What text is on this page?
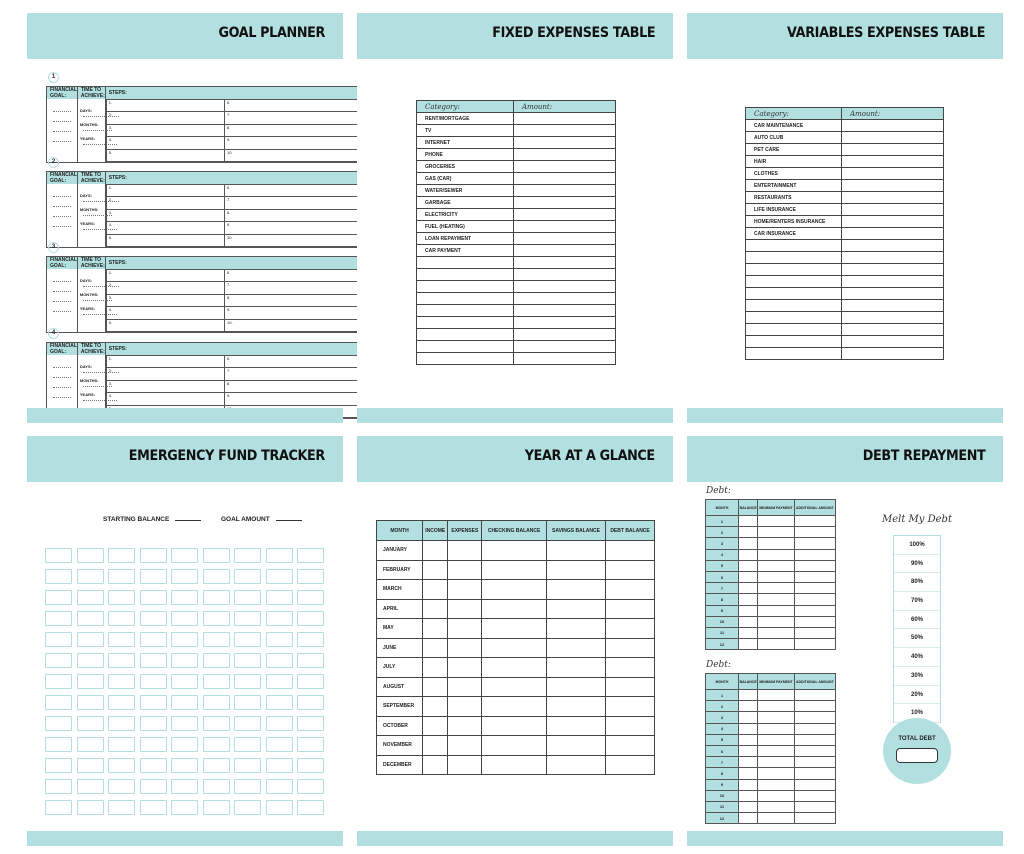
GOAL PLANNER
1
FINANCIAL GOAL:	TIME TO ACHIEVE:	STEPS:

DAYS:
MONTHS:
YEARS:

1.	6.
2.	7.
3.	8.
4.	9.
5.	10.
2
FINANCIAL GOAL:	TIME TO ACHIEVE:	STEPS:

DAYS:
MONTHS:
YEARS:

1.	6.
2.	7.
3.	8.
4.	9.
5.	10.
3
FINANCIAL GOAL:	TIME TO ACHIEVE:	STEPS:

DAYS:
MONTHS:
YEARS:

1.	6.
2.	7.
3.	8.
4.	9.
5.	10.
4
FINANCIAL GOAL:	TIME TO ACHIEVE:	STEPS:

DAYS:
MONTHS:
YEARS:

1.	6.
2.	7.
3.	8.
4.	9.

FIXED EXPENSES TABLE
Category:	Amount:
RENT/MORTGAGE	
TV	
INTERNET	
PHONE	
GROCERIES	
GAS (CAR)	
WATER/SEWER	
GARBAGE	
ELECTRICITY	
FUEL (HEATING)	
LOAN REPAYMENT	
CAR PAYMENT	

VARIABLES EXPENSES TABLE
Category:	Amount:
CAR MAINTENANCE	
AUTO CLUB	
PET CARE	
HAIR	
CLOTHES	
ENTERTAINMENT	
RESTAURANTS	
LIFE INSURANCE	
HOME/RENTERS INSURANCE	
CAR INSURANCE	

EMERGENCY FUND TRACKER
STARTING BALANCE	GOAL AMOUNT
YEAR AT A GLANCE
MONTH	INCOME	EXPENSES	CHECKING BALANCE	SAVINGS BALANCE	DEBT BALANCE
JANUARY					
FEBRUARY					
MARCH					
APRIL					
MAY					
JUNE					
JULY					
AUGUST					
SEPTEMBER					
OCTOBER					
NOVEMBER					
DECEMBER					
DEBT REPAYMENT
Debt:
MONTH	BALANCE	MINIMUM PAYMENT	ADDITIONAL AMOUNT
1			
2			
3			
4			
5			
6			
7			
8			
9			
10			
11			
12			
Debt:
MONTH	BALANCE	MINIMUM PAYMENT	ADDITIONAL AMOUNT
1			
2			
3			
4			
5			
6			
7			
8			
9			
10			
11			
12			
Melt My Debt
100%
90%
80%
70%
60%
50%
40%
30%
20%
10%
TOTAL DEBT
